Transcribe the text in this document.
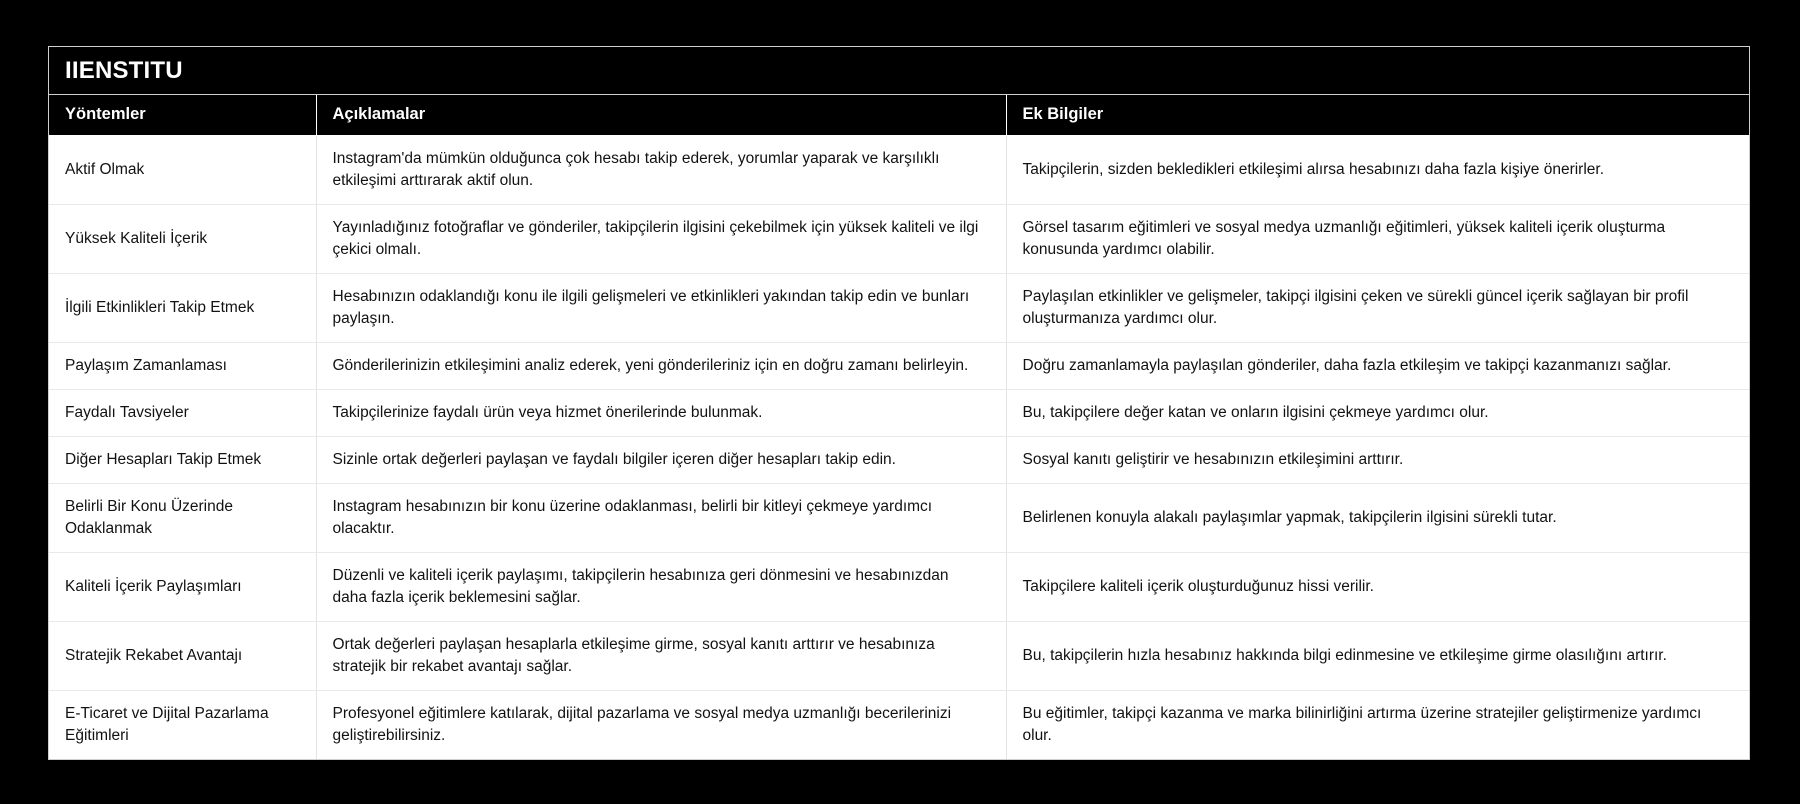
IIENSTITU
Yöntemler	Açıklamalar	Ek Bilgiler
Aktif Olmak	Instagram'da mümkün olduğunca çok hesabı takip ederek, yorumlar yaparak ve karşılıklı etkileşimi arttırarak aktif olun.	Takipçilerin, sizden bekledikleri etkileşimi alırsa hesabınızı daha fazla kişiye önerirler.
Yüksek Kaliteli İçerik	Yayınladığınız fotoğraflar ve gönderiler, takipçilerin ilgisini çekebilmek için yüksek kaliteli ve ilgi çekici olmalı.	Görsel tasarım eğitimleri ve sosyal medya uzmanlığı eğitimleri, yüksek kaliteli içerik oluşturma konusunda yardımcı olabilir.
İlgili Etkinlikleri Takip Etmek	Hesabınızın odaklandığı konu ile ilgili gelişmeleri ve etkinlikleri yakından takip edin ve bunları paylaşın.	Paylaşılan etkinlikler ve gelişmeler, takipçi ilgisini çeken ve sürekli güncel içerik sağlayan bir profil oluşturmanıza yardımcı olur.
Paylaşım Zamanlaması	Gönderilerinizin etkileşimini analiz ederek, yeni gönderileriniz için en doğru zamanı belirleyin.	Doğru zamanlamayla paylaşılan gönderiler, daha fazla etkileşim ve takipçi kazanmanızı sağlar.
Faydalı Tavsiyeler	Takipçilerinize faydalı ürün veya hizmet önerilerinde bulunmak.	Bu, takipçilere değer katan ve onların ilgisini çekmeye yardımcı olur.
Diğer Hesapları Takip Etmek	Sizinle ortak değerleri paylaşan ve faydalı bilgiler içeren diğer hesapları takip edin.	Sosyal kanıtı geliştirir ve hesabınızın etkileşimini arttırır.
Belirli Bir Konu Üzerinde Odaklanmak	Instagram hesabınızın bir konu üzerine odaklanması, belirli bir kitleyi çekmeye yardımcı olacaktır.	Belirlenen konuyla alakalı paylaşımlar yapmak, takipçilerin ilgisini sürekli tutar.
Kaliteli İçerik Paylaşımları	Düzenli ve kaliteli içerik paylaşımı, takipçilerin hesabınıza geri dönmesini ve hesabınızdan daha fazla içerik beklemesini sağlar.	Takipçilere kaliteli içerik oluşturduğunuz hissi verilir.
Stratejik Rekabet Avantajı	Ortak değerleri paylaşan hesaplarla etkileşime girme, sosyal kanıtı arttırır ve hesabınıza stratejik bir rekabet avantajı sağlar.	Bu, takipçilerin hızla hesabınız hakkında bilgi edinmesine ve etkileşime girme olasılığını artırır.
E-Ticaret ve Dijital Pazarlama Eğitimleri	Profesyonel eğitimlere katılarak, dijital pazarlama ve sosyal medya uzmanlığı becerilerinizi geliştirebilirsiniz.	Bu eğitimler, takipçi kazanma ve marka bilinirliğini artırma üzerine stratejiler geliştirmenize yardımcı olur.
